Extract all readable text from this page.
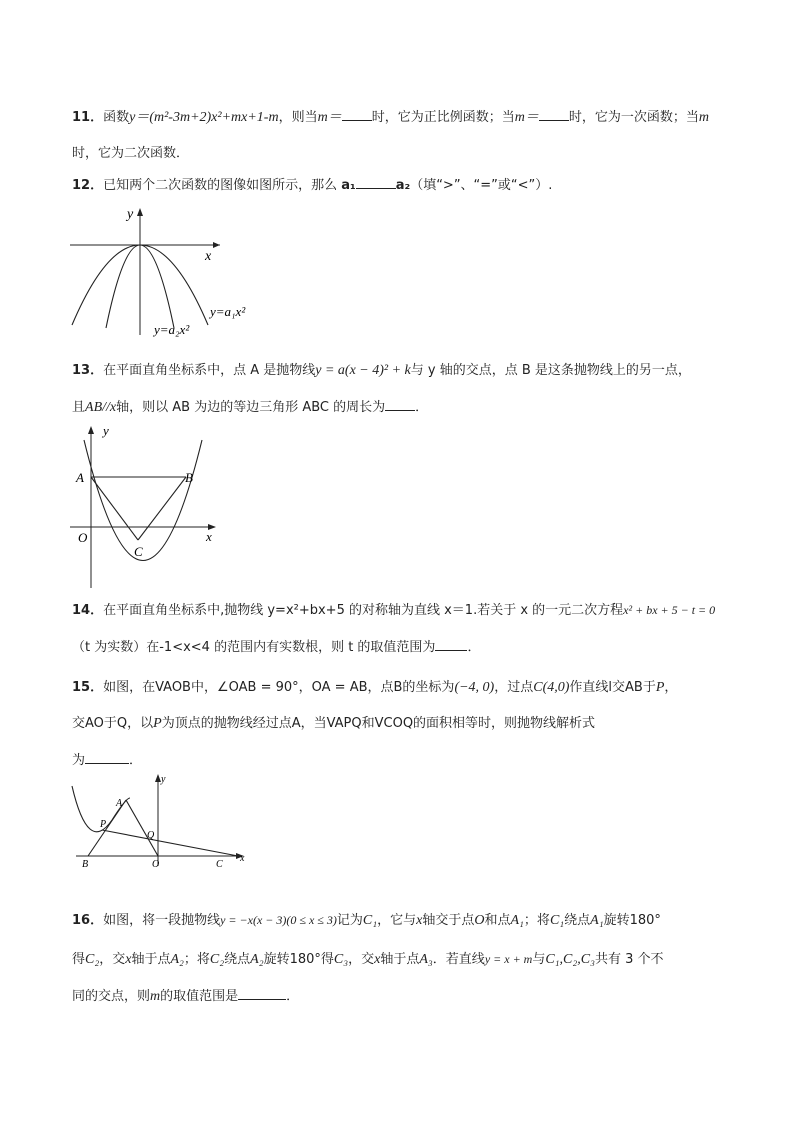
11．函数y＝(m²-3m+2)x²+mx+1-m，则当m＝ 时，它为正比例函数；当m＝ 时，它为一次函数；当m
时，它为二次函数．
12．已知两个二次函数的图像如图所示，那么 a₁	a₂（填“>”、“=”或“<”）.
y
x
y=a₁x²
y=a₂x²
13．在平面直角坐标系中，点 A 是抛物线y = a(x − 4)² + k与 y 轴的交点，点 B 是这条抛物线上的另一点，
且AB//x轴，则以 AB 为边的等边三角形 ABC 的周长为 ．
y
x
A	B
O
C
14．在平面直角坐标系中,抛物线 y=x²+bx+5 的对称轴为直线 x＝1.若关于 x 的一元二次方程x² + bx + 5 − t = 0
（t 为实数）在-1<x<4 的范围内有实数根，则 t 的取值范围为 ．
15．如图，在VAOB中，∠OAB = 90°，OA = AB，点B的坐标为(−4, 0)，过点C(4,0)作直线l交AB于P，
交AO于Q，以P为顶点的抛物线经过点A，当VAPQ和VCOQ的面积相等时，则抛物线解析式
为	．
y
x
A
P
Q
B	O	C
16．如图，将一段抛物线y = −x(x − 3)(0 ≤ x ≤ 3)记为C₁，它与x轴交于点O和点A₁；将C₁绕点A₁旋转180°
得C₂，交x轴于点A₂；将C₂绕点A₂旋转180°得C₃，交x轴于点A₃．若直线y = x + m与C₁,C₂,C₃共有 3 个不
同的交点，则m的取值范围是	．
